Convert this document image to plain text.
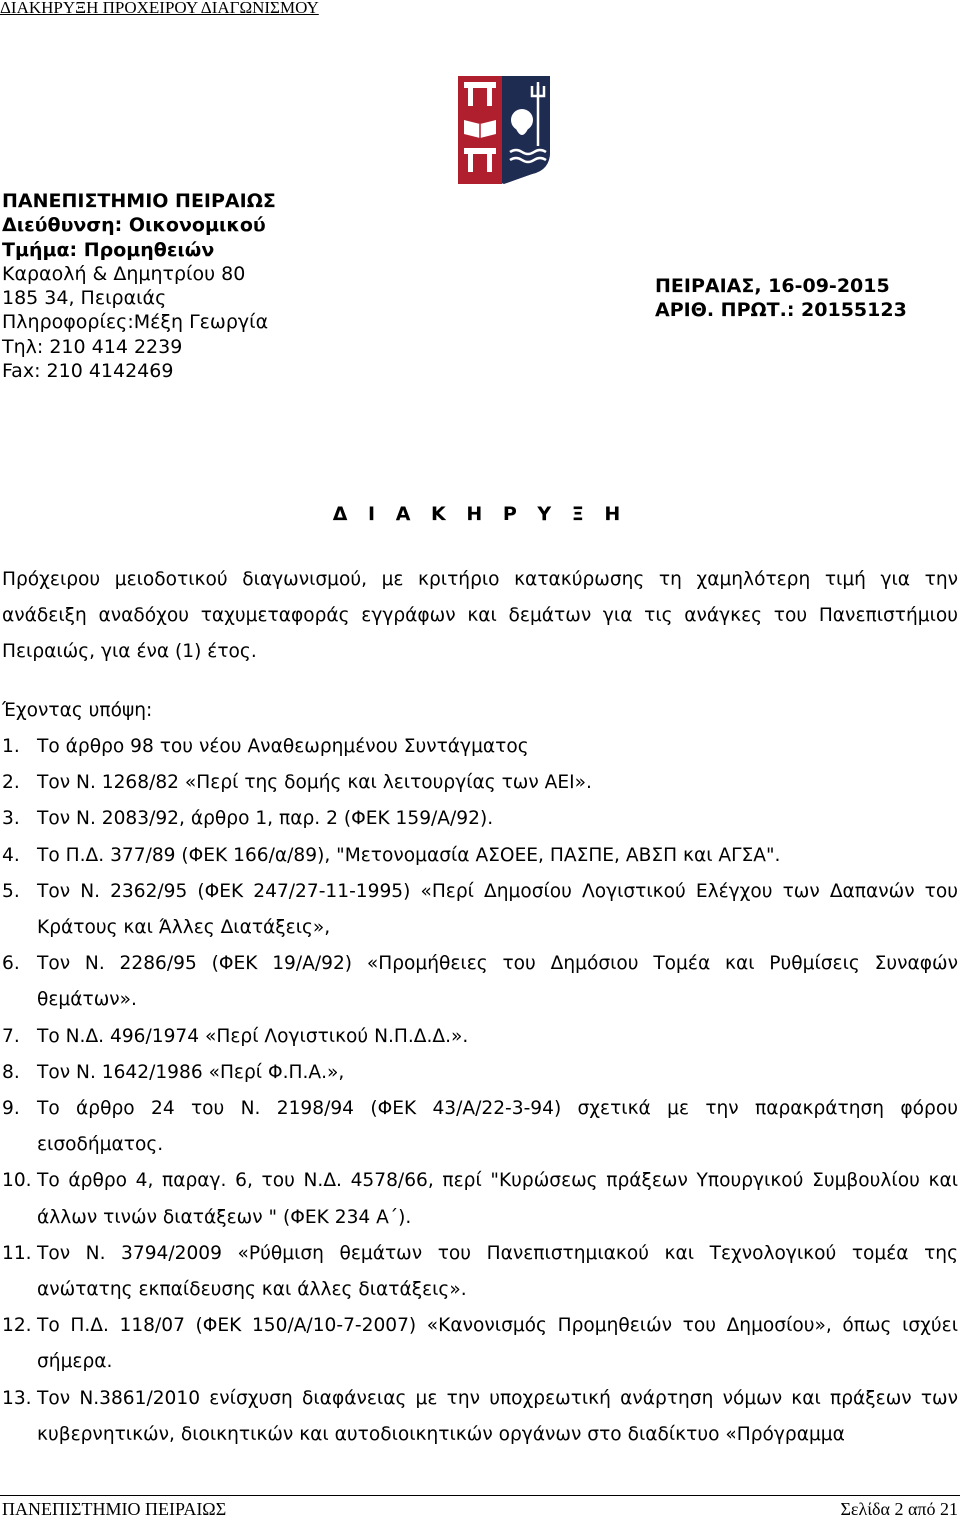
ΔΙΑΚΗΡΥΞΗ ΠΡΟΧΕΙΡΟΥ ΔΙΑΓΩΝΙΣΜΟΥ
ΠΑΝΕΠΙΣΤΗΜΙΟ ΠΕΙΡΑΙΩΣ
Διεύθυνση: Οικονομικού
Τμήμα: Προμηθειών
Καραολή & Δημητρίου 80
185 34, Πειραιάς
Πληροφορίες:Μέξη Γεωργία
Τηλ: 210 414 2239
Fax: 210 4142469
ΠΕΙΡΑΙΑΣ, 16-09-2015
ΑΡΙΘ. ΠΡΩΤ.: 20155123
Δ Ι Α Κ Η Ρ Υ Ξ Η
Πρόχειρου μειοδοτικού διαγωνισμού, με κριτήριο κατακύρωσης τη χαμηλότερη τιμή για την ανάδειξη αναδόχου ταχυμεταφοράς εγγράφων και δεμάτων για τις ανάγκες του Πανεπιστήμιου Πειραιώς, για ένα (1) έτος.
Έχοντας υπόψη:
1. Το άρθρο 98 του νέου Αναθεωρημένου Συντάγματος
2. Τον Ν. 1268/82 «Περί της δομής και λειτουργίας των ΑΕΙ».
3. Τον Ν. 2083/92, άρθρο 1, παρ. 2 (ΦΕΚ 159/Α/92).
4. Το Π.Δ. 377/89 (ΦΕΚ 166/α/89), "Μετονομασία ΑΣΟΕΕ, ΠΑΣΠΕ, ΑΒΣΠ και ΑΓΣΑ".
5. Τον Ν. 2362/95 (ΦΕΚ 247/27-11-1995) «Περί Δημοσίου Λογιστικού Ελέγχου των Δαπανών του Κράτους και Άλλες Διατάξεις»,
6. Τον Ν. 2286/95 (ΦΕΚ 19/Α/92) «Προμήθειες του Δημόσιου Τομέα και Ρυθμίσεις Συναφών θεμάτων».
7. Το Ν.Δ. 496/1974 «Περί Λογιστικού Ν.Π.Δ.Δ.».
8. Τον Ν. 1642/1986 «Περί Φ.Π.Α.»,
9. Το άρθρο 24 του Ν. 2198/94 (ΦΕΚ 43/Α/22-3-94) σχετικά με την παρακράτηση φόρου εισοδήματος.
10. Το άρθρο 4, παραγ. 6, του Ν.Δ. 4578/66, περί "Κυρώσεως πράξεων Υπουργικού Συμβουλίου και άλλων τινών διατάξεων " (ΦΕΚ 234 Α΄).
11. Τον Ν. 3794/2009 «Ρύθμιση θεμάτων του Πανεπιστημιακού και Τεχνολογικού τομέα της ανώτατης εκπαίδευσης και άλλες διατάξεις».
12. Το Π.Δ. 118/07 (ΦΕΚ 150/Α/10-7-2007) «Κανονισμός Προμηθειών του Δημοσίου», όπως ισχύει σήμερα.
13. Τον Ν.3861/2010 ενίσχυση διαφάνειας με την υποχρεωτική ανάρτηση νόμων και πράξεων των κυβερνητικών, διοικητικών και αυτοδιοικητικών οργάνων στο διαδίκτυο «Πρόγραμμα
ΠΑΝΕΠΙΣΤΗΜΙΟ ΠΕΙΡΑΙΩΣ	Σελίδα 2 από 21
